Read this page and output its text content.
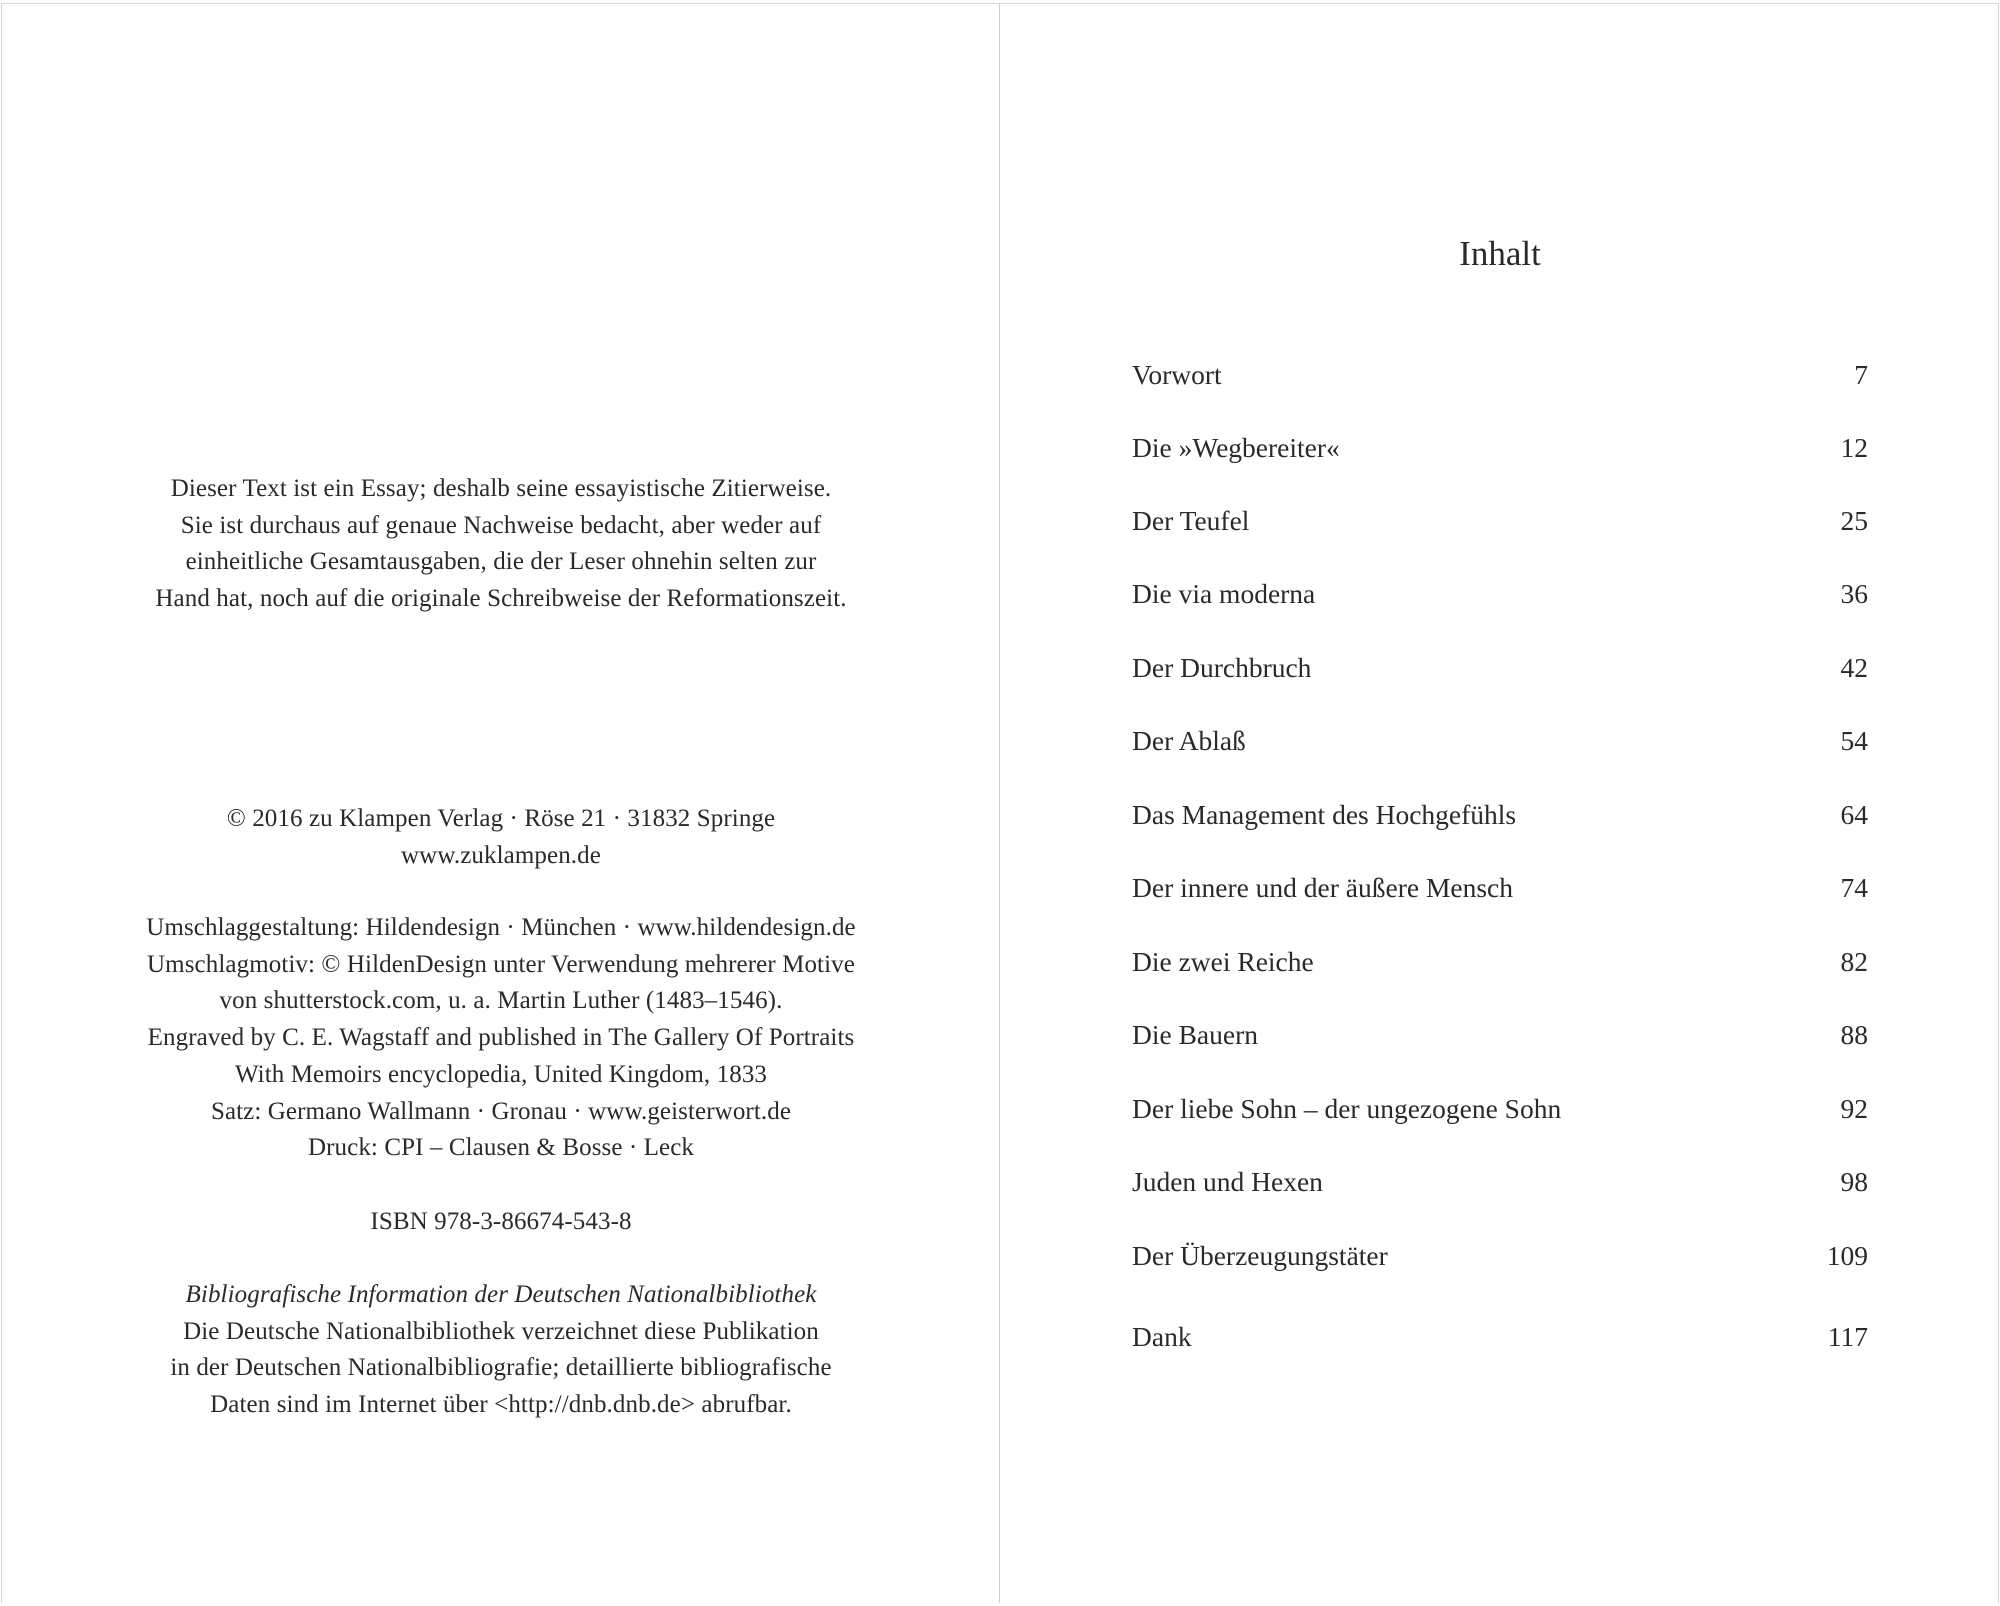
Dieser Text ist ein Essay; deshalb seine essayistische Zitierweise.
Sie ist durchaus auf genaue Nachweise bedacht, aber weder auf
einheitliche Gesamtausgaben, die der Leser ohnehin selten zur
Hand hat, noch auf die originale Schreibweise der Reformationszeit.
© 2016 zu Klampen Verlag · Röse 21 · 31832 Springe
www.zuklampen.de
Umschlaggestaltung: Hildendesign · München · www.hildendesign.de
Umschlagmotiv: © HildenDesign unter Verwendung mehrerer Motive
von shutterstock.com, u. a. Martin Luther (1483–1546).
Engraved by C. E. Wagstaff and published in The Gallery Of Portraits
With Memoirs encyclopedia, United Kingdom, 1833
Satz: Germano Wallmann · Gronau · www.geisterwort.de
Druck: CPI – Clausen & Bosse · Leck
ISBN 978-3-86674-543-8
Bibliografische Information der Deutschen Nationalbibliothek
Die Deutsche Nationalbibliothek verzeichnet diese Publikation
in der Deutschen Nationalbibliografie; detaillierte bibliografische
Daten sind im Internet über <http://dnb.dnb.de> abrufbar.
Inhalt
Vorwort	7
Die »Wegbereiter«	12
Der Teufel	25
Die via moderna	36
Der Durchbruch	42
Der Ablaß	54
Das Management des Hochgefühls	64
Der innere und der äußere Mensch	74
Die zwei Reiche	82
Die Bauern	88
Der liebe Sohn – der ungezogene Sohn	92
Juden und Hexen	98
Der Überzeugungstäter	109
Dank	117
